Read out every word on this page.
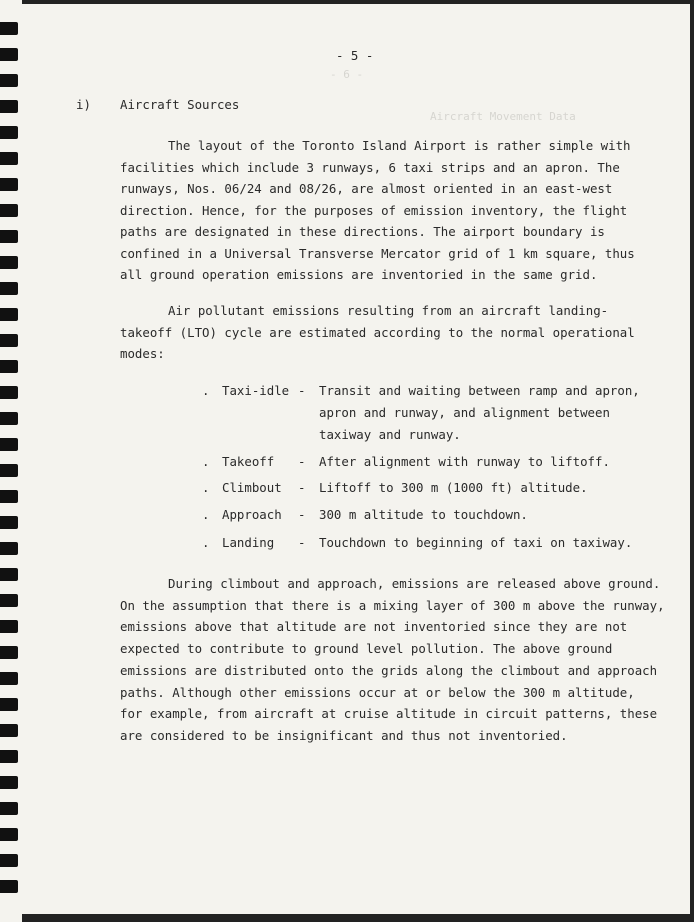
- 6 -
Aircraft Movement Data
- 5 -
i) Aircraft Sources
The layout of the Toronto Island Airport is rather simple with
facilities which include 3 runways, 6 taxi strips and an apron. The
runways, Nos. 06/24 and 08/26, are almost oriented in an east-west
direction. Hence, for the purposes of emission inventory, the flight
paths are designated in these directions. The airport boundary is
confined in a Universal Transverse Mercator grid of 1 km square, thus
all ground operation emissions are inventoried in the same grid.
Air pollutant emissions resulting from an aircraft landing-
takeoff (LTO) cycle are estimated according to the normal operational
modes:
. Taxi-idle - Transit and waiting between ramp and apron,
apron and runway, and alignment between
taxiway and runway.
. Takeoff - After alignment with runway to liftoff.
. Climbout - Liftoff to 300 m (1000 ft) altitude.
. Approach - 300 m altitude to touchdown.
. Landing - Touchdown to beginning of taxi on taxiway.
During climbout and approach, emissions are released above ground.
On the assumption that there is a mixing layer of 300 m above the runway,
emissions above that altitude are not inventoried since they are not
expected to contribute to ground level pollution. The above ground
emissions are distributed onto the grids along the climbout and approach
paths. Although other emissions occur at or below the 300 m altitude,
for example, from aircraft at cruise altitude in circuit patterns, these
are considered to be insignificant and thus not inventoried.
